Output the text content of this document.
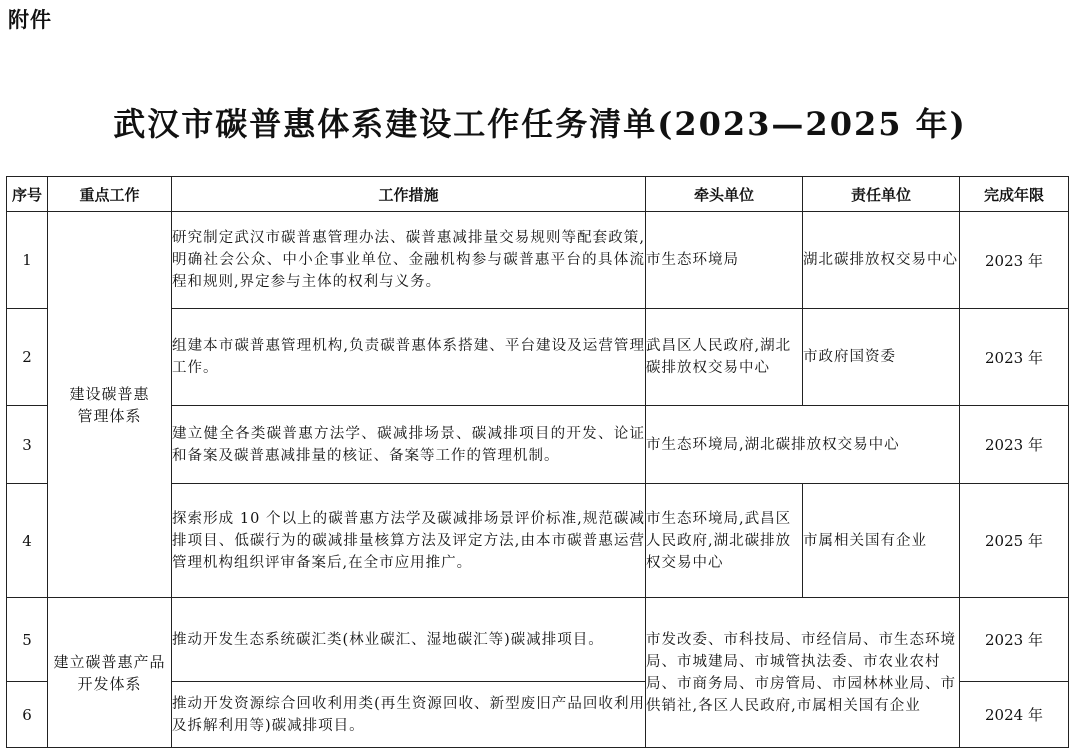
附件
武汉市碳普惠体系建设工作任务清单(2023—2025 年)
序号	重点工作	工作措施	牵头单位	责任单位	完成年限
1	建设碳普惠管理体系	研究制定武汉市碳普惠管理办法、碳普惠减排量交易规则等配套政策,明确社会公众、中小企事业单位、金融机构参与碳普惠平台的具体流程和规则,界定参与主体的权利与义务。	市生态环境局	湖北碳排放权交易中心	2023 年
2		组建本市碳普惠管理机构,负责碳普惠体系搭建、平台建设及运营管理工作。	武昌区人民政府,湖北碳排放权交易中心	市政府国资委	2023 年
3		建立健全各类碳普惠方法学、碳减排场景、碳减排项目的开发、论证和备案及碳普惠减排量的核证、备案等工作的管理机制。	市生态环境局,湖北碳排放权交易中心		2023 年
4		探索形成 10 个以上的碳普惠方法学及碳减排场景评价标准,规范碳减排项目、低碳行为的碳减排量核算方法及评定方法,由本市碳普惠运营管理机构组织评审备案后,在全市应用推广。	市生态环境局,武昌区人民政府,湖北碳排放权交易中心	市属相关国有企业	2025 年
5	建立碳普惠产品开发体系	推动开发生态系统碳汇类(林业碳汇、湿地碳汇等)碳减排项目。	市发改委、市科技局、市经信局、市生态环境局、市城建局、市城管执法委、市农业农村局、市商务局、市房管局、市园林林业局、市供销社,各区人民政府,市属相关国有企业		2023 年
6		推动开发资源综合回收利用类(再生资源回收、新型废旧产品回收利用及拆解利用等)碳减排项目。			2024 年
